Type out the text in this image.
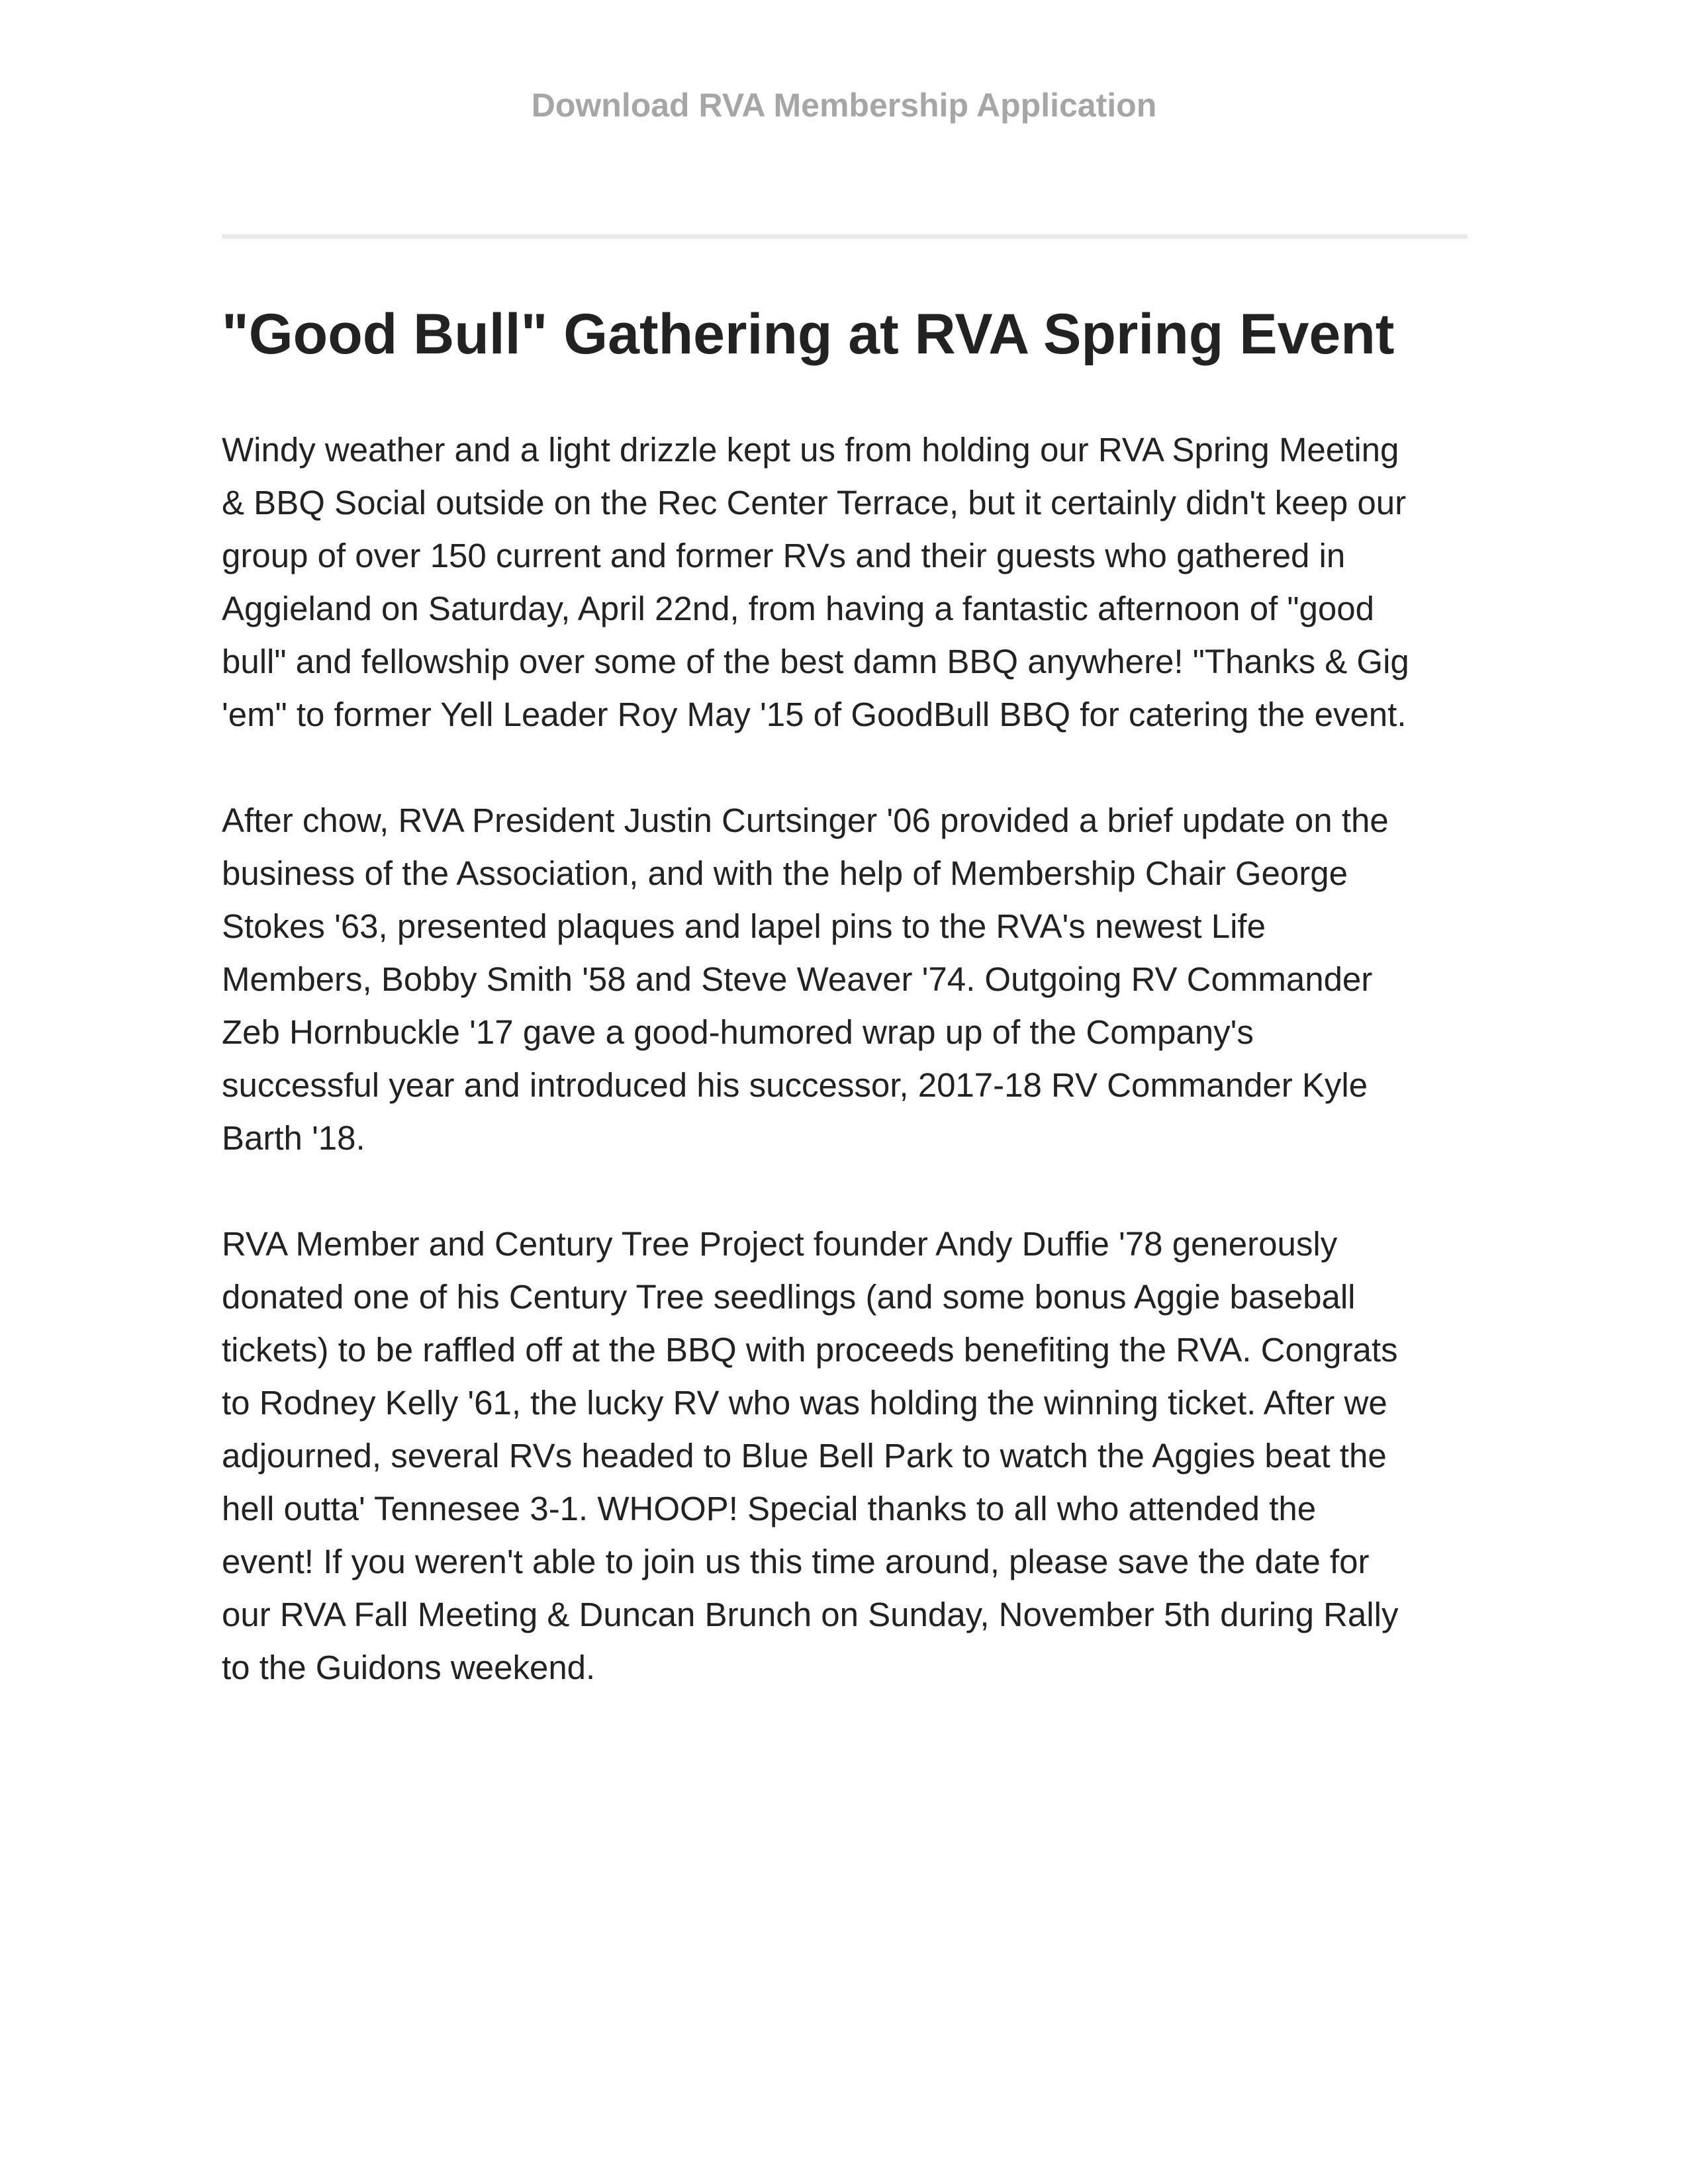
Download RVA Membership Application
"Good Bull" Gathering at RVA Spring Event

Windy weather and a light drizzle kept us from holding our RVA Spring Meeting
& BBQ Social outside on the Rec Center Terrace, but it certainly didn't keep our
group of over 150 current and former RVs and their guests who gathered in
Aggieland on Saturday, April 22nd, from having a fantastic afternoon of "good
bull" and fellowship over some of the best damn BBQ anywhere! "Thanks & Gig
'em" to former Yell Leader Roy May '15 of GoodBull BBQ for catering the event.

After chow, RVA President Justin Curtsinger '06 provided a brief update on the
business of the Association, and with the help of Membership Chair George
Stokes '63, presented plaques and lapel pins to the RVA's newest Life
Members, Bobby Smith '58 and Steve Weaver '74. Outgoing RV Commander
Zeb Hornbuckle '17 gave a good-humored wrap up of the Company's
successful year and introduced his successor, 2017-18 RV Commander Kyle
Barth '18.

RVA Member and Century Tree Project founder Andy Duffie '78 generously
donated one of his Century Tree seedlings (and some bonus Aggie baseball
tickets) to be raffled off at the BBQ with proceeds benefiting the RVA. Congrats
to Rodney Kelly '61, the lucky RV who was holding the winning ticket. After we
adjourned, several RVs headed to Blue Bell Park to watch the Aggies beat the
hell outta' Tennesee 3-1. WHOOP! Special thanks to all who attended the
event! If you weren't able to join us this time around, please save the date for
our RVA Fall Meeting & Duncan Brunch on Sunday, November 5th during Rally
to the Guidons weekend.
